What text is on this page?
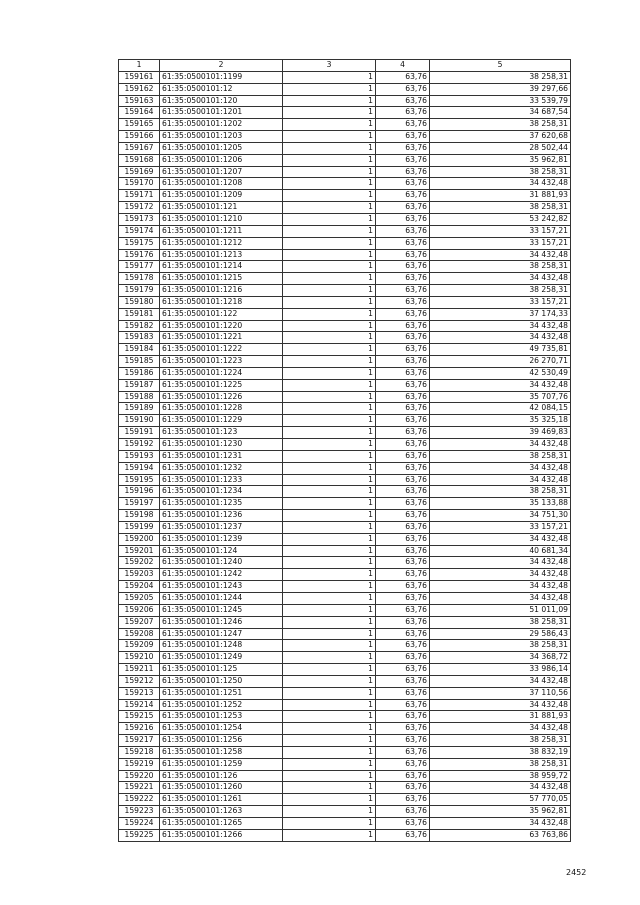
1	2	3	4	5
159161	61:35:0500101:1199	1	63,76	38 258,31
159162	61:35:0500101:12	1	63,76	39 297,66
159163	61:35:0500101:120	1	63,76	33 539,79
159164	61:35:0500101:1201	1	63,76	34 687,54
159165	61:35:0500101:1202	1	63,76	38 258,31
159166	61:35:0500101:1203	1	63,76	37 620,68
159167	61:35:0500101:1205	1	63,76	28 502,44
159168	61:35:0500101:1206	1	63,76	35 962,81
159169	61:35:0500101:1207	1	63,76	38 258,31
159170	61:35:0500101:1208	1	63,76	34 432,48
159171	61:35:0500101:1209	1	63,76	31 881,93
159172	61:35:0500101:121	1	63,76	38 258,31
159173	61:35:0500101:1210	1	63,76	53 242,82
159174	61:35:0500101:1211	1	63,76	33 157,21
159175	61:35:0500101:1212	1	63,76	33 157,21
159176	61:35:0500101:1213	1	63,76	34 432,48
159177	61:35:0500101:1214	1	63,76	38 258,31
159178	61:35:0500101:1215	1	63,76	34 432,48
159179	61:35:0500101:1216	1	63,76	38 258,31
159180	61:35:0500101:1218	1	63,76	33 157,21
159181	61:35:0500101:122	1	63,76	37 174,33
159182	61:35:0500101:1220	1	63,76	34 432,48
159183	61:35:0500101:1221	1	63,76	34 432,48
159184	61:35:0500101:1222	1	63,76	49 735,81
159185	61:35:0500101:1223	1	63,76	26 270,71
159186	61:35:0500101:1224	1	63,76	42 530,49
159187	61:35:0500101:1225	1	63,76	34 432,48
159188	61:35:0500101:1226	1	63,76	35 707,76
159189	61:35:0500101:1228	1	63,76	42 084,15
159190	61:35:0500101:1229	1	63,76	35 325,18
159191	61:35:0500101:123	1	63,76	39 469,83
159192	61:35:0500101:1230	1	63,76	34 432,48
159193	61:35:0500101:1231	1	63,76	38 258,31
159194	61:35:0500101:1232	1	63,76	34 432,48
159195	61:35:0500101:1233	1	63,76	34 432,48
159196	61:35:0500101:1234	1	63,76	38 258,31
159197	61:35:0500101:1235	1	63,76	35 133,88
159198	61:35:0500101:1236	1	63,76	34 751,30
159199	61:35:0500101:1237	1	63,76	33 157,21
159200	61:35:0500101:1239	1	63,76	34 432,48
159201	61:35:0500101:124	1	63,76	40 681,34
159202	61:35:0500101:1240	1	63,76	34 432,48
159203	61:35:0500101:1242	1	63,76	34 432,48
159204	61:35:0500101:1243	1	63,76	34 432,48
159205	61:35:0500101:1244	1	63,76	34 432,48
159206	61:35:0500101:1245	1	63,76	51 011,09
159207	61:35:0500101:1246	1	63,76	38 258,31
159208	61:35:0500101:1247	1	63,76	29 586,43
159209	61:35:0500101:1248	1	63,76	38 258,31
159210	61:35:0500101:1249	1	63,76	34 368,72
159211	61:35:0500101:125	1	63,76	33 986,14
159212	61:35:0500101:1250	1	63,76	34 432,48
159213	61:35:0500101:1251	1	63,76	37 110,56
159214	61:35:0500101:1252	1	63,76	34 432,48
159215	61:35:0500101:1253	1	63,76	31 881,93
159216	61:35:0500101:1254	1	63,76	34 432,48
159217	61:35:0500101:1256	1	63,76	38 258,31
159218	61:35:0500101:1258	1	63,76	38 832,19
159219	61:35:0500101:1259	1	63,76	38 258,31
159220	61:35:0500101:126	1	63,76	38 959,72
159221	61:35:0500101:1260	1	63,76	34 432,48
159222	61:35:0500101:1261	1	63,76	57 770,05
159223	61:35:0500101:1263	1	63,76	35 962,81
159224	61:35:0500101:1265	1	63,76	34 432,48
159225	61:35:0500101:1266	1	63,76	63 763,86
2452
